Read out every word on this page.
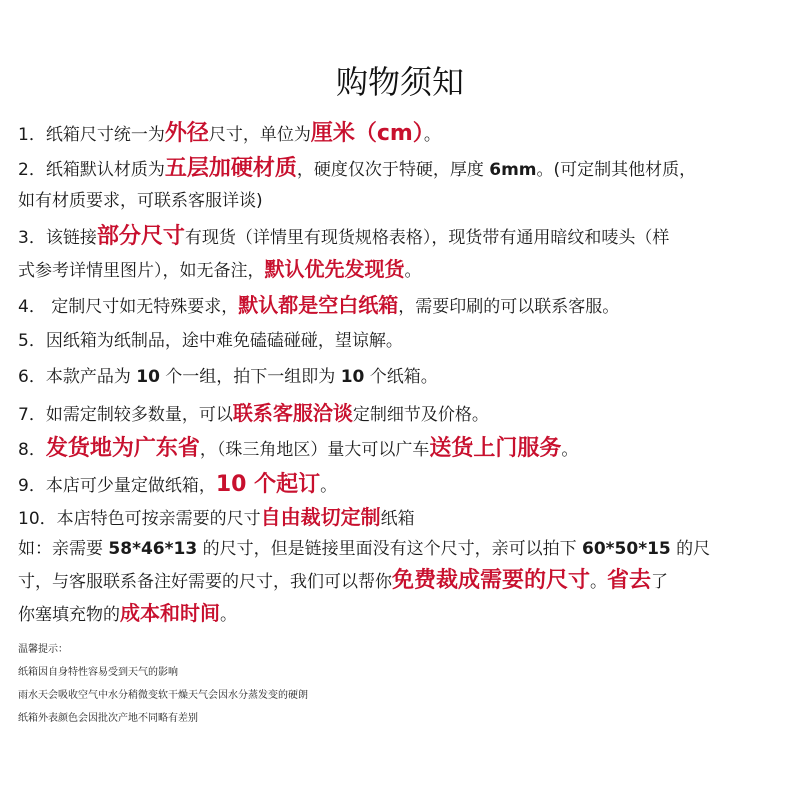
购物须知
1．纸箱尺寸统一为外径尺寸，单位为厘米（cm）。
2．纸箱默认材质为五层加硬材质，硬度仅次于特硬，厚度 6mm。(可定制其他材质，
如有材质要求，可联系客服详谈)
3．该链接部分尺寸有现货（详情里有现货规格表格），现货带有通用暗纹和唛头（样
式参考详情里图片），如无备注，默认优先发现货。
4． 定制尺寸如无特殊要求，默认都是空白纸箱，需要印刷的可以联系客服。
5．因纸箱为纸制品，途中难免磕磕碰碰，望谅解。
6．本款产品为 10 个一组，拍下一组即为 10 个纸箱。
7．如需定制较多数量，可以联系客服洽谈定制细节及价格。
8．发货地为广东省，（珠三角地区）量大可以广车送货上门服务。
9．本店可少量定做纸箱，10 个起订。
10．本店特色可按亲需要的尺寸自由裁切定制纸箱
如：亲需要 58*46*13 的尺寸，但是链接里面没有这个尺寸，亲可以拍下 60*50*15 的尺
寸，与客服联系备注好需要的尺寸，我们可以帮你免费裁成需要的尺寸。省去了
你塞填充物的成本和时间。
温馨提示：
纸箱因自身特性容易受到天气的影响
雨水天会吸收空气中水分稍微变软干燥天气会因水分蒸发变的硬朗
纸箱外表颜色会因批次产地不同略有差别
